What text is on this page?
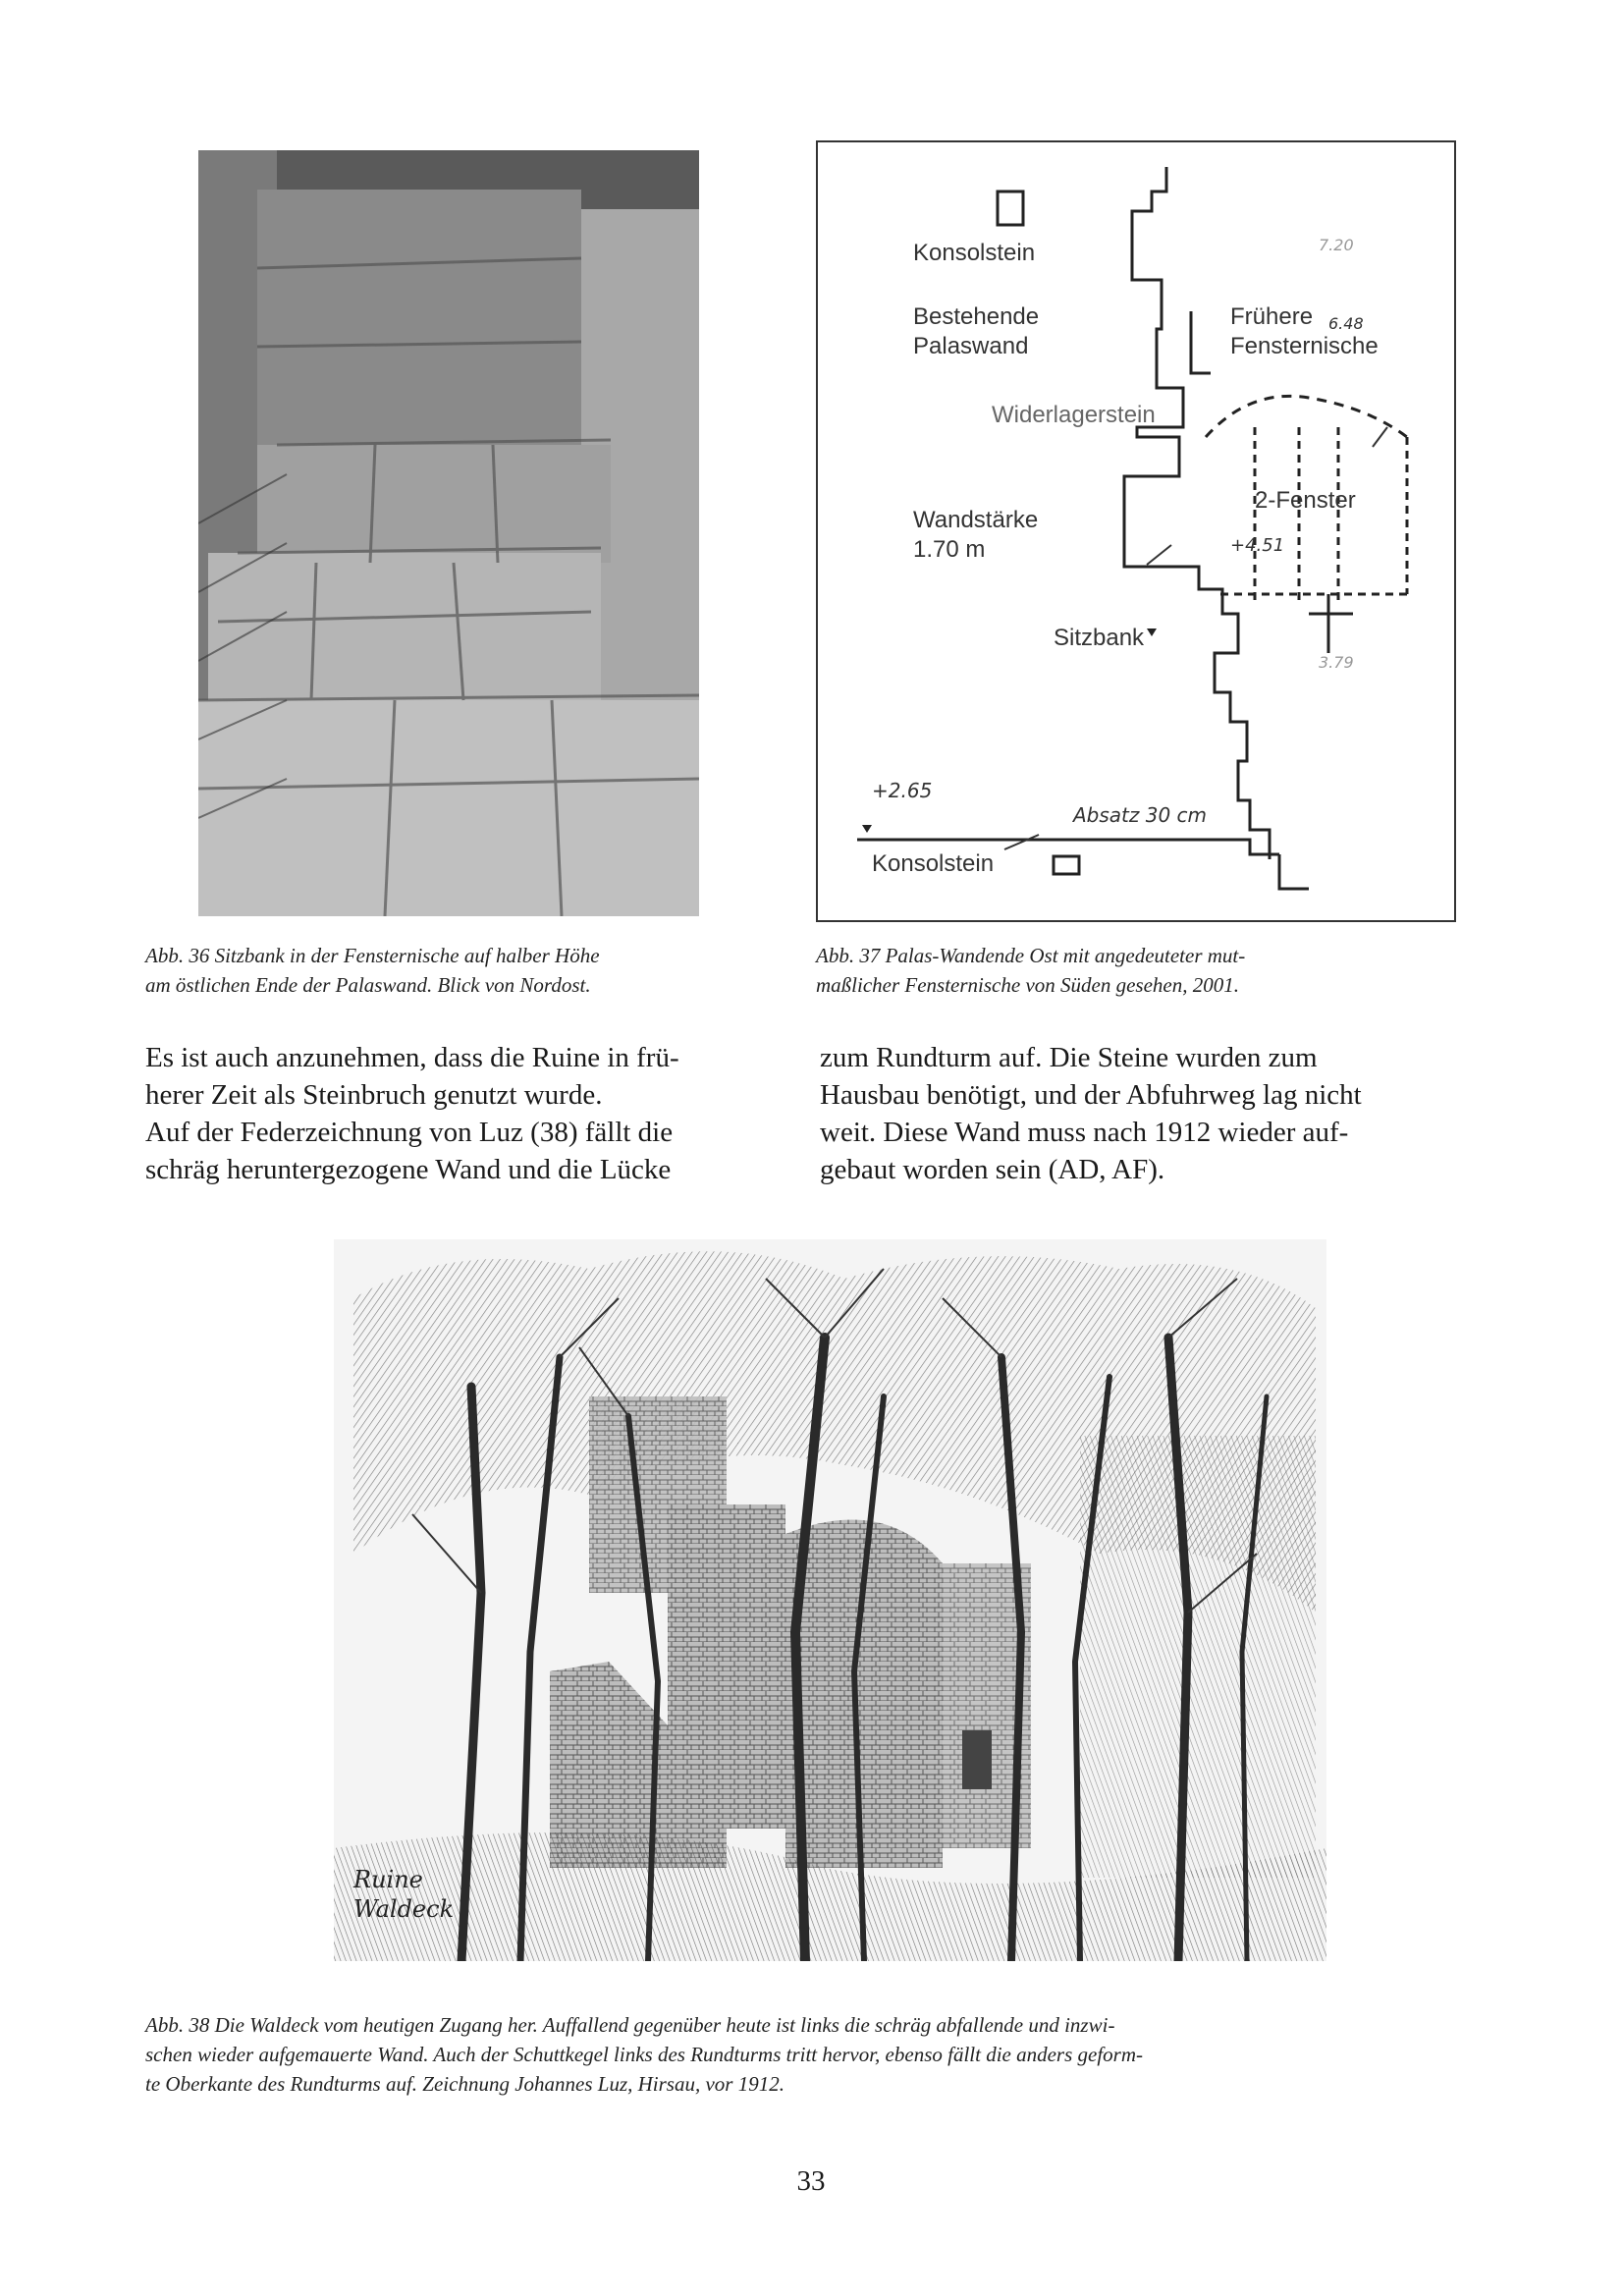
Konsolstein
Bestehende
Palaswand
Frühere
Fensternische
Widerlagerstein
2-Fenster
Wandstärke
1.70 m
Sitzbank
Konsolstein
7.20
6.48
+4.51
+2.65
Absatz 30 cm
3.79
Abb. 36 Sitzbank in der Fensternische auf halber Höhe
am östlichen Ende der Palaswand. Blick von Nordost.
Abb. 37 Palas-Wandende Ost mit angedeuteter mut-
maßlicher Fensternische von Süden gesehen, 2001.
Es ist auch anzunehmen, dass die Ruine in frü-
herer Zeit als Steinbruch genutzt wurde.
Auf der Federzeichnung von Luz (38) fällt die
schräg heruntergezogene Wand und die Lücke
zum Rundturm auf. Die Steine wurden zum
Hausbau benötigt, und der Abfuhrweg lag nicht
weit. Diese Wand muss nach 1912 wieder auf-
gebaut worden sein (AD, AF).
Ruine
Waldeck
Abb. 38 Die Waldeck vom heutigen Zugang her. Auffallend gegenüber heute ist links die schräg abfallende und inzwi-
schen wieder aufgemauerte Wand. Auch der Schuttkegel links des Rundturms tritt hervor, ebenso fällt die anders geform-
te Oberkante des Rundturms auf. Zeichnung Johannes Luz, Hirsau, vor 1912.
33
